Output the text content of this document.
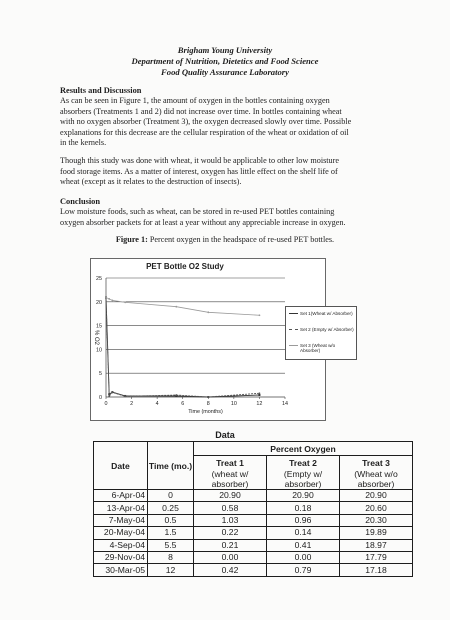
Brigham Young University
Department of Nutrition, Dietetics and Food Science
Food Quality Assurance Laboratory
Results and Discussion
As can be seen in Figure 1, the amount of oxygen in the bottles containing oxygen
absorbers (Treatments 1 and 2) did not increase over time. In bottles containing wheat
with no oxygen absorber (Treatment 3), the oxygen decreased slowly over time. Possible
explanations for this decrease are the cellular respiration of the wheat or oxidation of oil
in the kernels.
Though this study was done with wheat, it would be applicable to other low moisture
food storage items. As a matter of interest, oxygen has little effect on the shelf life of
wheat (except as it relates to the destruction of insects).
Conclusion
Low moisture foods, such as wheat, can be stored in re-used PET bottles containing
oxygen absorber packets for at least a year without any appreciable increase in oxygen.
Figure 1: Percent oxygen in the headspace of re-used PET bottles.
PET Bottle O2 Study
0
5
10
15
20
25
0	2	4	6	8	10	12	14
Time (months)
% O2
Set 1(Wheat w/ Absorber)
Set 2 (Empty w/ Absorber)
Set 3 (Wheat w/o Absorber)
Data
Date	Time (mo.)	Percent Oxygen		
		Treat 1	Treat 2	Treat 3
		(wheat w/
absorber)	(Empty w/
absorber)	(Wheat w/o
absorber)
6-Apr-04	0	20.90	20.90	20.90
13-Apr-04	0.25	0.58	0.18	20.60
7-May-04	0.5	1.03	0.96	20.30
20-May-04	1.5	0.22	0.14	19.89
4-Sep-04	5.5	0.21	0.41	18.97
29-Nov-04	8	0.00	0.00	17.79
30-Mar-05	12	0.42	0.79	17.18
